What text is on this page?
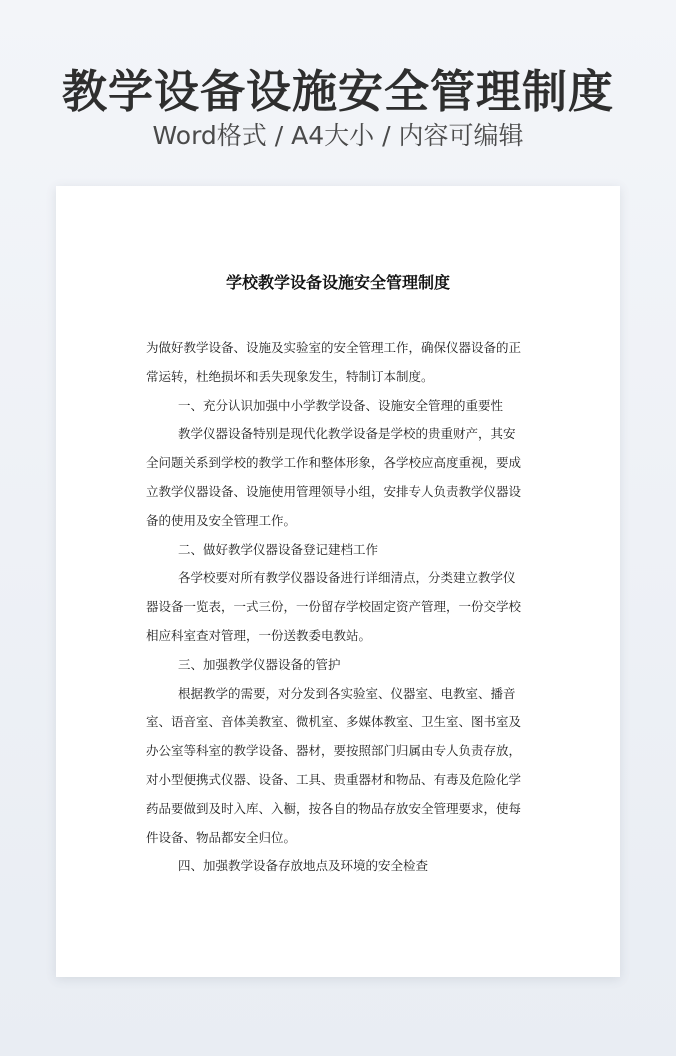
教学设备设施安全管理制度
Word格式 / A4大小 / 内容可编辑
学校教学设备设施安全管理制度
为做好教学设备、设施及实验室的安全管理工作，确保仪器设备的正
常运转，杜绝损坏和丢失现象发生，特制订本制度。
一、充分认识加强中小学教学设备、设施安全管理的重要性
教学仪器设备特别是现代化教学设备是学校的贵重财产，其安
全问题关系到学校的教学工作和整体形象，各学校应高度重视，要成
立教学仪器设备、设施使用管理领导小组，安排专人负责教学仪器设
备的使用及安全管理工作。
二、做好教学仪器设备登记建档工作
各学校要对所有教学仪器设备进行详细清点，分类建立教学仪
器设备一览表，一式三份，一份留存学校固定资产管理，一份交学校
相应科室查对管理，一份送教委电教站。
三、加强教学仪器设备的管护
根据教学的需要，对分发到各实验室、仪器室、电教室、播音
室、语音室、音体美教室、微机室、多媒体教室、卫生室、图书室及
办公室等科室的教学设备、器材，要按照部门归属由专人负责存放，
对小型便携式仪器、设备、工具、贵重器材和物品、有毒及危险化学
药品要做到及时入库、入橱，按各自的物品存放安全管理要求，使每
件设备、物品都安全归位。
四、加强教学设备存放地点及环境的安全检查
